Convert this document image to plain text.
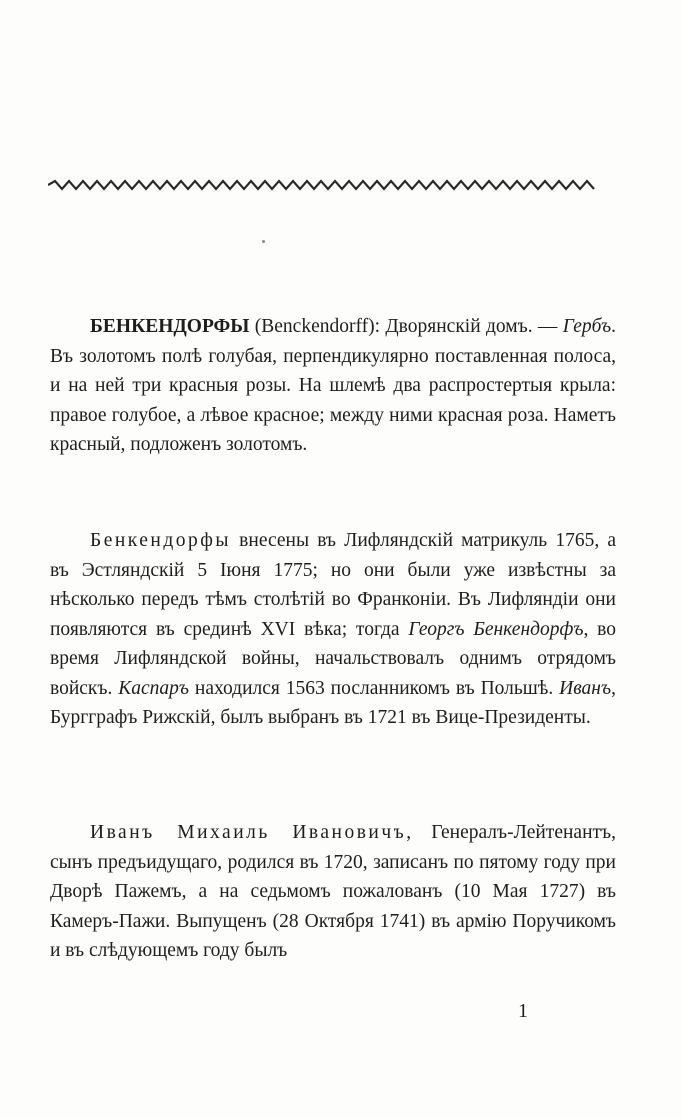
БЕНКЕНДОРФЫ (Benckendorff): Дворянскiй домъ. — Гербъ. Въ золотомъ полѣ голубая, перпендикулярно поставленная полоса, и на ней три красныя розы. На шлемѣ два распростертыя крыла: правое голубое, а лѣвое красное; между ними красная роза. Наметъ красный, подложенъ золотомъ.

Бенкендорфы внесены въ Лифляндскiй матрикуль 1765, а въ Эстляндскiй 5 Iюня 1775; но они были уже извѣстны за нѣсколько передъ тѣмъ столѣтiй во Франконiи. Въ Лифляндiи они появляются въ срединѣ XVI вѣка; тогда Георгъ Бенкендорфъ, во время Лифляндской войны, начальствовалъ однимъ отрядомъ войскъ. Каспаръ находился 1563 посланникомъ въ Польшѣ. Иванъ, Бургграфъ Рижскiй, былъ выбранъ въ 1721 въ Вице-Президенты.

Иванъ Михаиль Ивановичъ, Генералъ-Лейтенантъ, сынъ предъидущаго, родился въ 1720, записанъ по пятому году при Дворѣ Пажемъ, а на седьмомъ пожалованъ (10 Мая 1727) въ Камеръ-Пажи. Выпущенъ (28 Октября 1741) въ армiю Поручикомъ и въ слѣдующемъ году былъ

1
